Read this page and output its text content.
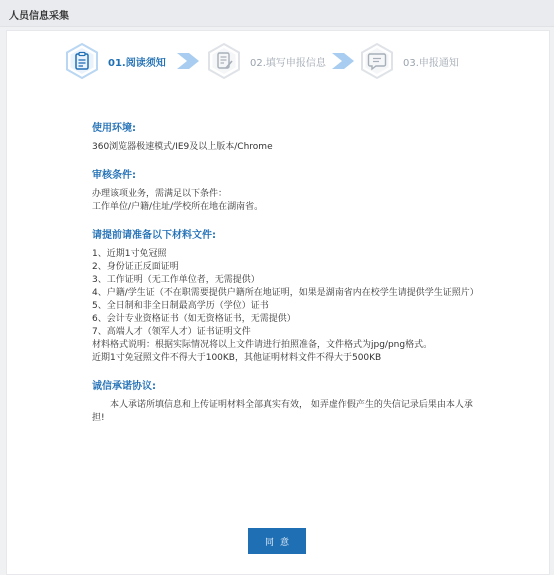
人员信息采集
01.阅读须知	02.填写申报信息	03.申报通知
使用环境:
360浏览器极速模式/IE9及以上版本/Chrome
审核条件:
办理该项业务，需满足以下条件：
工作单位/户籍/住址/学校所在地在湖南省。
请提前请准备以下材料文件:
1、近期1寸免冠照
2、身份证正反面证明
3、工作证明（无工作单位者，无需提供）
4、户籍/学生证（不在职需要提供户籍所在地证明，如果是湖南省内在校学生请提供学生证照片）
5、全日制和非全日制最高学历（学位）证书
6、会计专业资格证书（如无资格证书，无需提供）
7、高端人才（领军人才）证书证明文件
材料格式说明：根据实际情况将以上文件请进行拍照准备，文件格式为jpg/png格式。
近期1寸免冠照文件不得大于100KB，其他证明材料文件不得大于500KB
诚信承诺协议:
本人承诺所填信息和上传证明材料全部真实有效， 如弄虚作假产生的失信记录后果由本人承担!
同意
